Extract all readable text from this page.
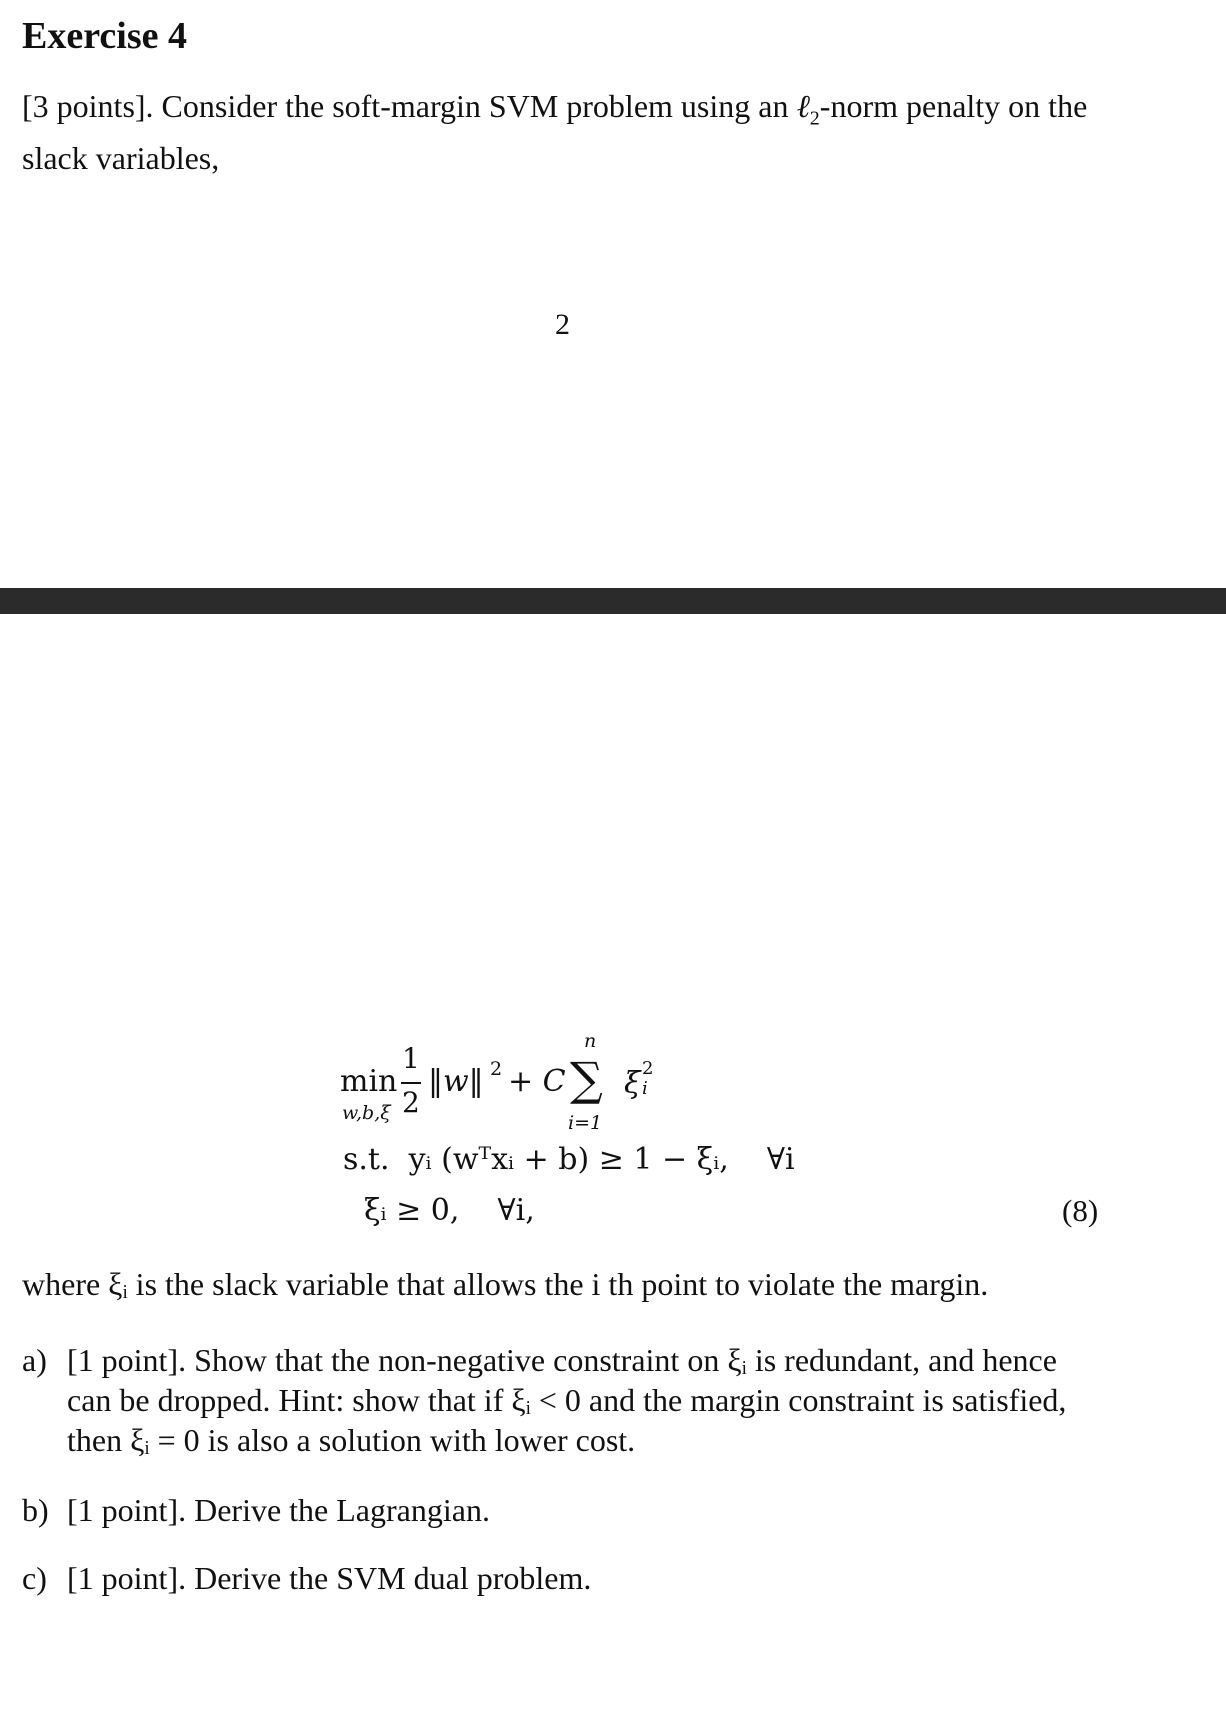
Exercise 4
[3 points]. Consider the soft-margin SVM problem using an ℓ$_2$-norm penalty on the slack variables,
2
min
w,b,ξ
1
2
‖w‖ 2 + C
n
∑
i=1
ξ 2
i
s.t.  yᵢ (wᵀxᵢ + b) ≥ 1 − ξᵢ,    ∀i
ξᵢ ≥ 0,    ∀i,	(8)
where ξᵢ is the slack variable that allows the i th point to violate the margin.
a) [1 point]. Show that the non-negative constraint on ξᵢ is redundant, and hence can be dropped. Hint: show that if ξᵢ < 0 and the margin constraint is satisfied, then ξᵢ = 0 is also a solution with lower cost.
b) [1 point]. Derive the Lagrangian.
c) [1 point]. Derive the SVM dual problem.
